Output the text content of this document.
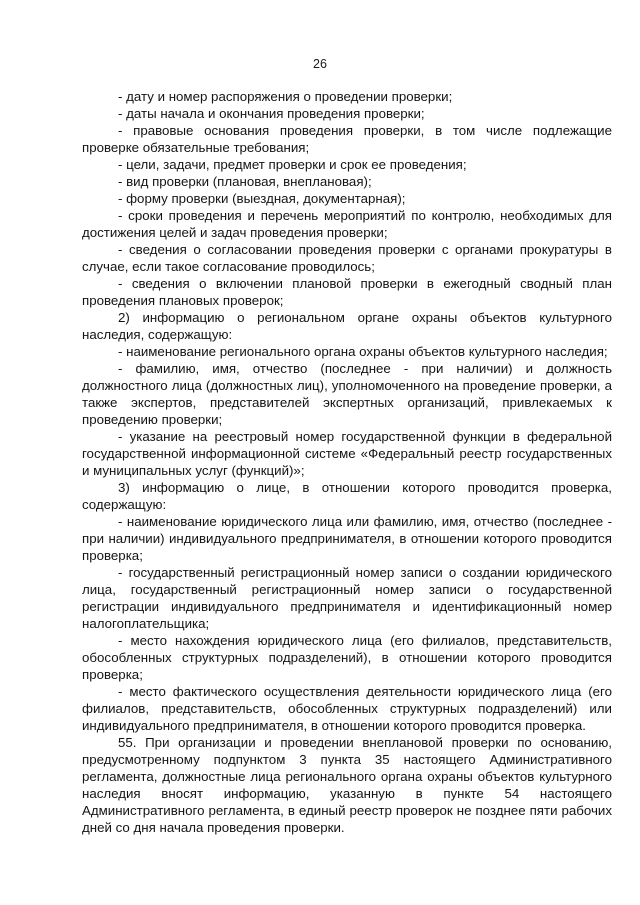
26

- дату и номер распоряжения о проведении проверки;

- даты начала и окончания проведения проверки;

- правовые основания проведения проверки, в том числе подлежащие проверке обязательные требования;

- цели, задачи, предмет проверки и срок ее проведения;

- вид проверки (плановая, внеплановая);

- форму проверки (выездная, документарная);

- сроки проведения и перечень мероприятий по контролю, необходимых для достижения целей и задач проведения проверки;

- сведения о согласовании проведения проверки с органами прокуратуры в случае, если такое согласование проводилось;

- сведения о включении плановой проверки в ежегодный сводный план проведения плановых проверок;

2) информацию о региональном органе охраны объектов культурного наследия, содержащую:

- наименование регионального органа охраны объектов культурного наследия;

- фамилию, имя, отчество (последнее - при наличии) и должность должностного лица (должностных лиц), уполномоченного на проведение проверки, а также экспертов, представителей экспертных организаций, привлекаемых к проведению проверки;

- указание на реестровый номер государственной функции в федеральной государственной информационной системе «Федеральный реестр государственных и муниципальных услуг (функций)»;

3) информацию о лице, в отношении которого проводится проверка, содержащую:

- наименование юридического лица или фамилию, имя, отчество (последнее - при наличии) индивидуального предпринимателя, в отношении которого проводится проверка;

- государственный регистрационный номер записи о создании юридического лица, государственный регистрационный номер записи о государственной регистрации индивидуального предпринимателя и идентификационный номер налогоплательщика;

- место нахождения юридического лица (его филиалов, представительств, обособленных структурных подразделений), в отношении которого проводится проверка;

- место фактического осуществления деятельности юридического лица (его филиалов, представительств, обособленных структурных подразделений) или индивидуального предпринимателя, в отношении которого проводится проверка.

55. При организации и проведении внеплановой проверки по основанию, предусмотренному подпунктом 3 пункта 35 настоящего Административного регламента, должностные лица регионального органа охраны объектов культурного наследия вносят информацию, указанную в пункте 54 настоящего Административного регламента, в единый реестр проверок не позднее пяти рабочих дней со дня начала проведения проверки.
